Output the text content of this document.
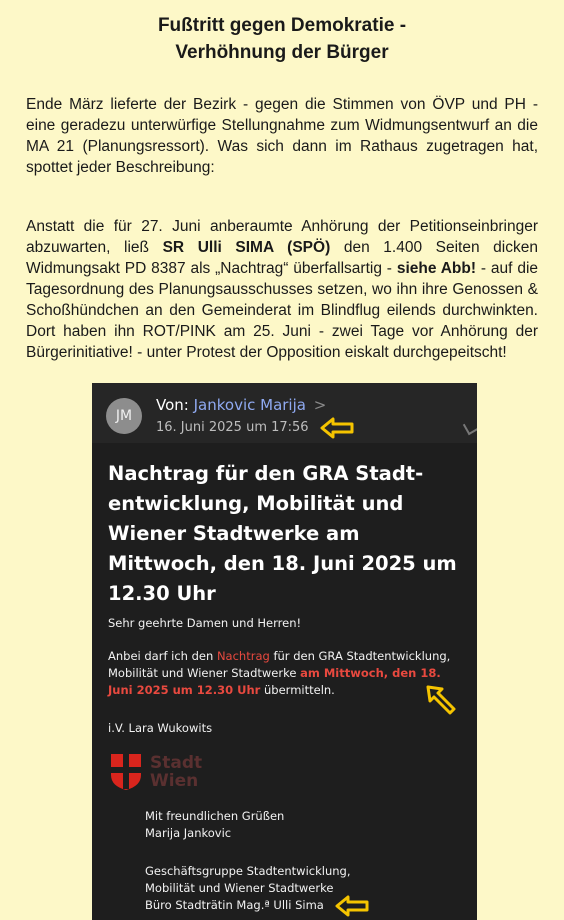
Fußtritt gegen Demokratie -
Verhöhnung der Bürger

Ende März lieferte der Bezirk - gegen die Stimmen von ÖVP und PH - eine geradezu unterwürfige Stellungnahme zum Widmungsentwurf an die MA 21 (Planungsressort). Was sich dann im Rathaus zugetragen hat, spottet jeder Beschreibung:

Anstatt die für 27. Juni anberaumte Anhörung der Petitionseinbringer abzuwarten, ließ SR Ulli SIMA (SPÖ) den 1.400 Seiten dicken Widmungsakt PD 8387 als „Nachtrag“ überfallsartig - siehe Abb! - auf die Tagesordnung des Planungsausschusses setzen, wo ihn ihre Genossen & Schoßhündchen an den Gemeinderat im Blindflug eilends durchwinkten. Dort haben ihn ROT/PINK am 25. Juni - zwei Tage vor Anhörung der Bürgerinitiative! - unter Protest der Opposition eiskalt durchgepeitscht!

JM
Von: Jankovic Marija >
16. Juni 2025 um 17:56
Nachtrag für den GRA Stadt-entwicklung, Mobilität und Wiener Stadtwerke am Mittwoch, den 18. Juni 2025 um 12.30 Uhr

Sehr geehrte Damen und Herren!

Anbei darf ich den Nachtrag für den GRA Stadtentwicklung, Mobilität und Wiener Stadtwerke am Mittwoch, den 18. Juni 2025 um 12.30 Uhr übermitteln.

i.V. Lara Wukowits

Stadt
Wien
Mit freundlichen Grüßen
Marija Jankovic
Geschäftsgruppe Stadtentwicklung,
Mobilität und Wiener Stadtwerke
Büro Stadträtin Mag.ª Ulli Sima
